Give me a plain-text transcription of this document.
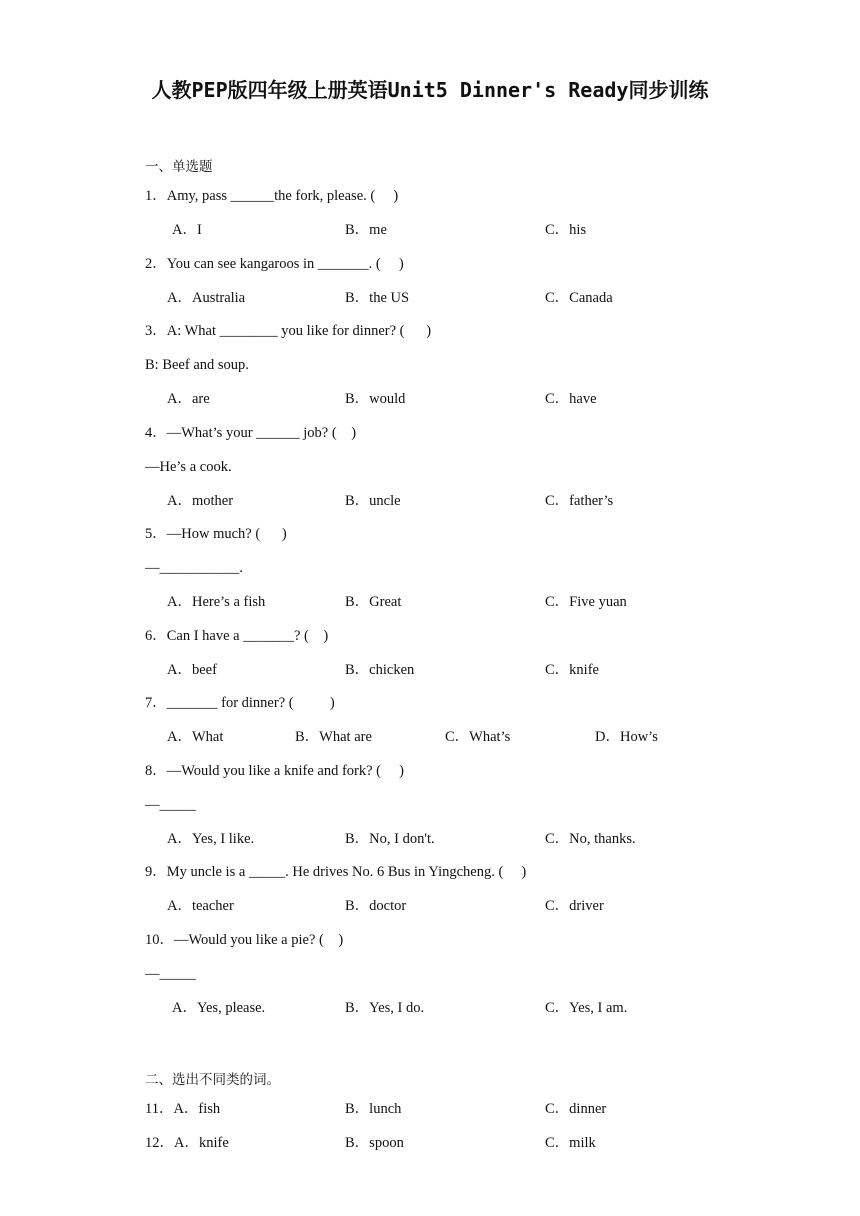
人教PEP版四年级上册英语Unit5 Dinner's Ready同步训练
一、单选题
1．Amy, pass ______the fork, please. (     )
A．I	B．me	C．his
2．You can see kangaroos in _______. (     )
A．Australia	B．the US	C．Canada
3．A: What ________ you like for dinner? (      )
B: Beef and soup.
A．are	B．would	C．have
4．—What’s your ______ job? (    )
—He’s a cook.
A．mother	B．uncle	C．father’s
5．—How much? (      )
—___________.
A．Here’s a fish	B．Great	C．Five yuan
6．Can I have a _______? (    )
A．beef	B．chicken	C．knife
7．_______ for dinner? (          )
A．What	B．What are	C．What’s	D．How’s
8．—Would you like a knife and fork? (     )
—_____
A．Yes, I like.	B．No, I don't.	C．No, thanks.
9．My uncle is a _____. He drives No. 6 Bus in Yingcheng. (     )
A．teacher	B．doctor	C．driver
10．—Would you like a pie? (    )
—_____
A．Yes, please.	B．Yes, I do.	C．Yes, I am.
二、选出不同类的词。
11．A．fish	B．lunch	C．dinner
12．A．knife	B．spoon	C．milk
